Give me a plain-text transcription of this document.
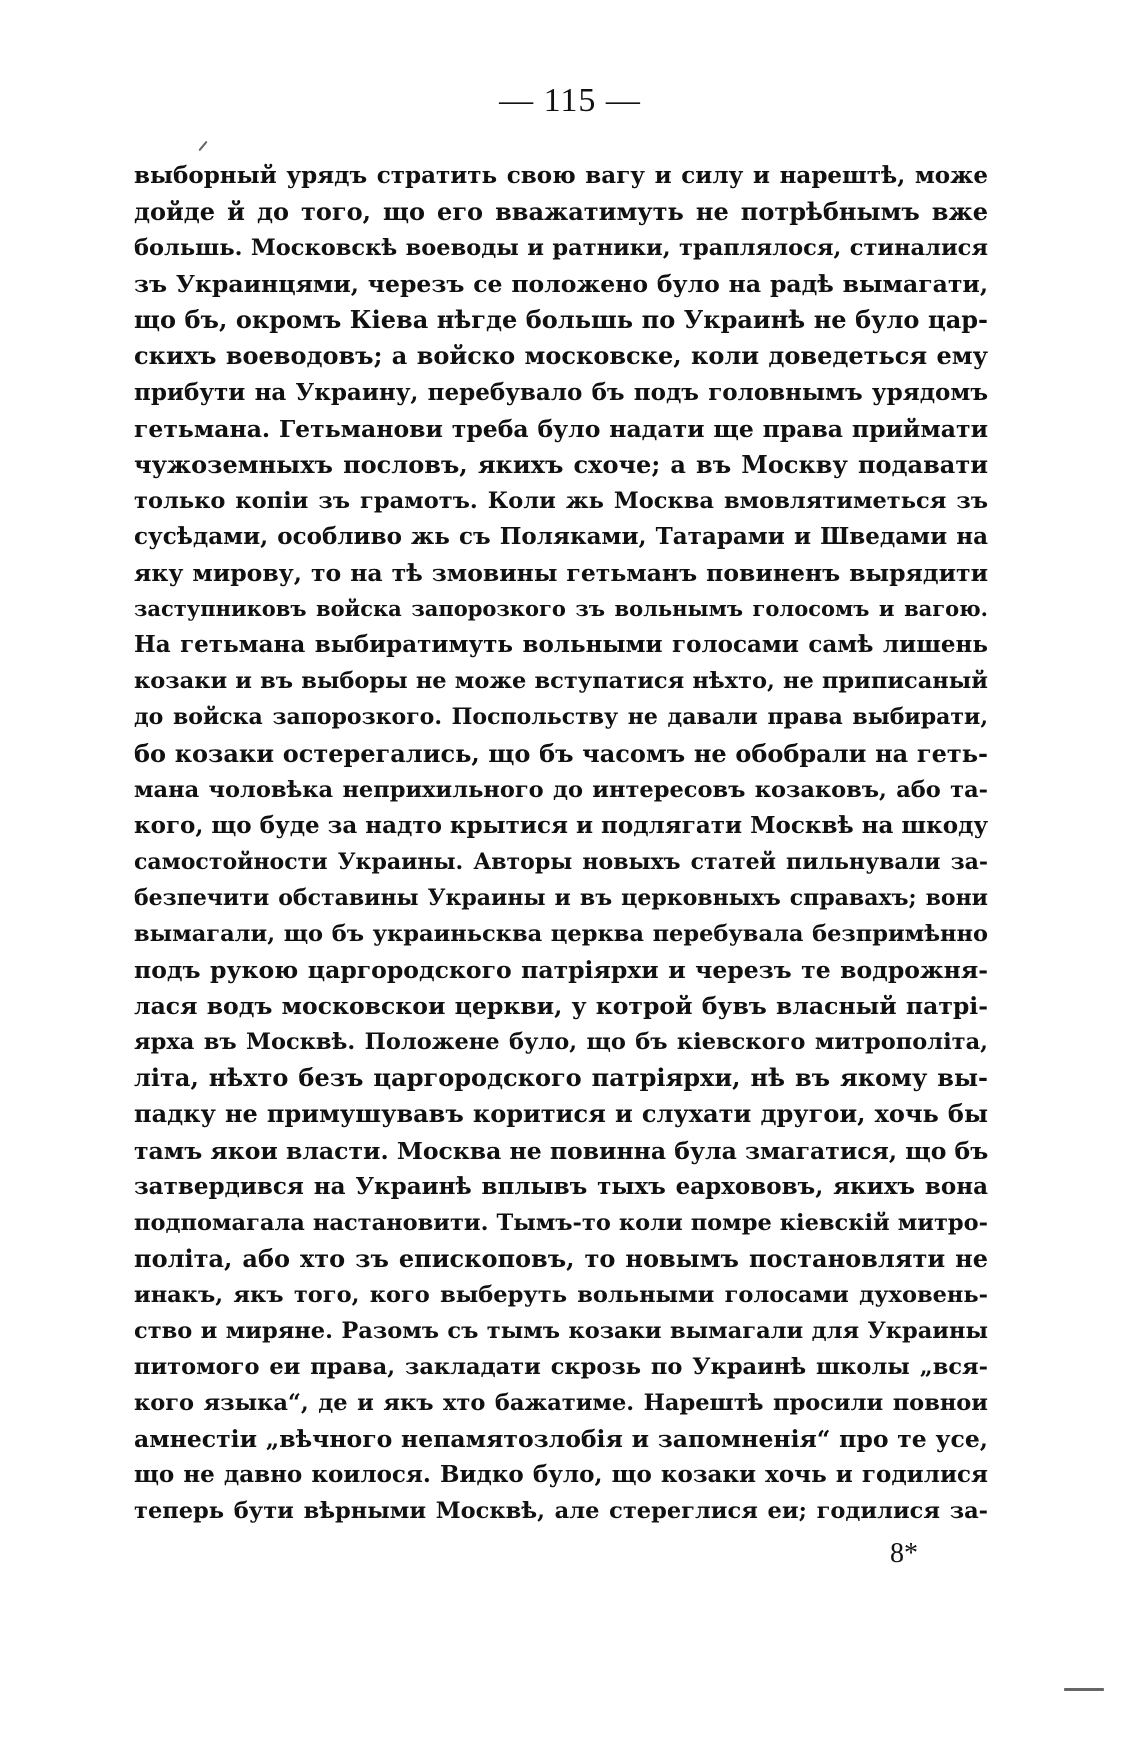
— 115 —
выборный урядъ стратить свою вагу и силу и нарештѣ, може
дойде й до того, що его вважатимуть не потрѣбнымъ вже
большь. Московскѣ воеводы и ратники, траплялося, стиналися
зъ Украинцями, черезъ се положено було на радѣ вымагати,
що бъ, окромъ Кіева нѣгде большь по Украинѣ не було цар-
скихъ воеводовъ; а войско московске, коли доведеться ему
прибути на Украину, перебувало бъ подъ головнымъ урядомъ
гетьмана. Гетьманови треба було надати ще права приймати
чужоземныхъ пословъ, якихъ схоче; а въ Москву подавати
только копіи зъ грамотъ. Коли жь Москва вмовлятиметься зъ
сусѣдами, особливо жь съ Поляками, Татарами и Шведами на
яку мирову, то на тѣ змовины гетьманъ повиненъ вырядити
заступниковъ войска запорозкого зъ вольнымъ голосомъ и вагою.
На гетьмана выбиратимуть вольными голосами самѣ лишень
козаки и въ выборы не може вступатися нѣхто, не приписаный
до войска запорозкого. Поспольству не давали права выбирати,
бо козаки остерегались, що бъ часомъ не обобрали на геть-
мана чоловѣка неприхильного до интересовъ козаковъ, або та-
кого, що буде за надто крытися и подлягати Москвѣ на шкоду
самостойности Украины. Авторы новыхъ статей пильнували за-
безпечити обставины Украины и въ церковныхъ справахъ; вони
вымагали, що бъ украиньсква церква перебувала безпримѣнно
подъ рукою царгородского патріярхи и черезъ те водрожня-
лася водъ московскои церкви, у котрой бувъ власный патрі-
ярха въ Москвѣ. Положене було, що бъ кіевского митрополіта,
літа, нѣхто безъ царгородского патріярхи, нѣ въ якому вы-
падку не примушувавъ коритися и слухати другои, хочь бы
тамъ якои власти. Москва не повинна була змагатися, що бъ
затвердився на Украинѣ вплывъ тыхъ еархововъ, якихъ вона
подпомагала настановити. Тымъ-то коли помре кіевскій митро-
політа, або хто зъ епископовъ, то новымъ постановляти не
инакъ, якъ того, кого выберуть вольными голосами духовень-
ство и миряне. Разомъ съ тымъ козаки вымагали для Украины
питомого еи права, закладати скрозь по Украинѣ школы „вся-
кого языка“, де и якъ хто бажатиме. Нарештѣ просили повнои
амнестіи „вѣчного непамятозлобія и запомненія“ про те усе,
що не давно коилося. Видко було, що козаки хочь и годилися
теперь бути вѣрными Москвѣ, але стереглися еи; годилися за-
8*
